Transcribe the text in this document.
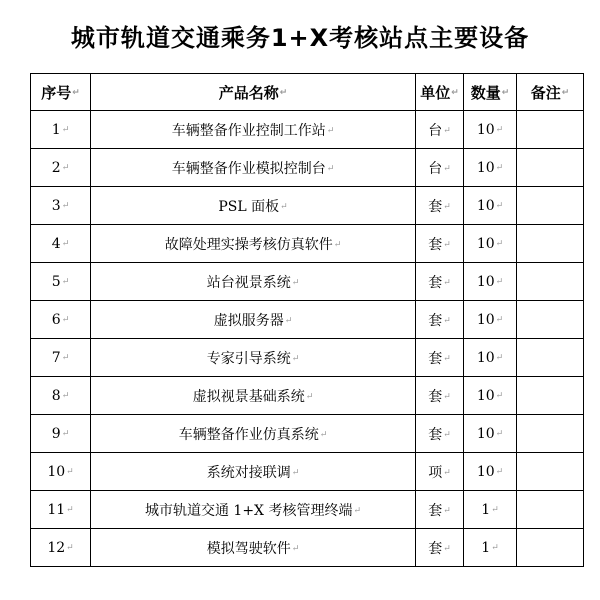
城市轨道交通乘务1+X考核站点主要设备
序号↵	产品名称↵	单位↵	数量↵	备注↵
1↵	车辆整备作业控制工作站↵	台↵	10↵	
2↵	车辆整备作业模拟控制台↵	台↵	10↵	
3↵	PSL 面板↵	套↵	10↵	
4↵	故障处理实操考核仿真软件↵	套↵	10↵	
5↵	站台视景系统↵	套↵	10↵	
6↵	虚拟服务器↵	套↵	10↵	
7↵	专家引导系统↵	套↵	10↵	
8↵	虚拟视景基础系统↵	套↵	10↵	
9↵	车辆整备作业仿真系统↵	套↵	10↵	
10↵	系统对接联调↵	项↵	10↵	
11↵	城市轨道交通 1+X 考核管理终端↵	套↵	1↵	
12↵	模拟驾驶软件↵	套↵	1↵	
